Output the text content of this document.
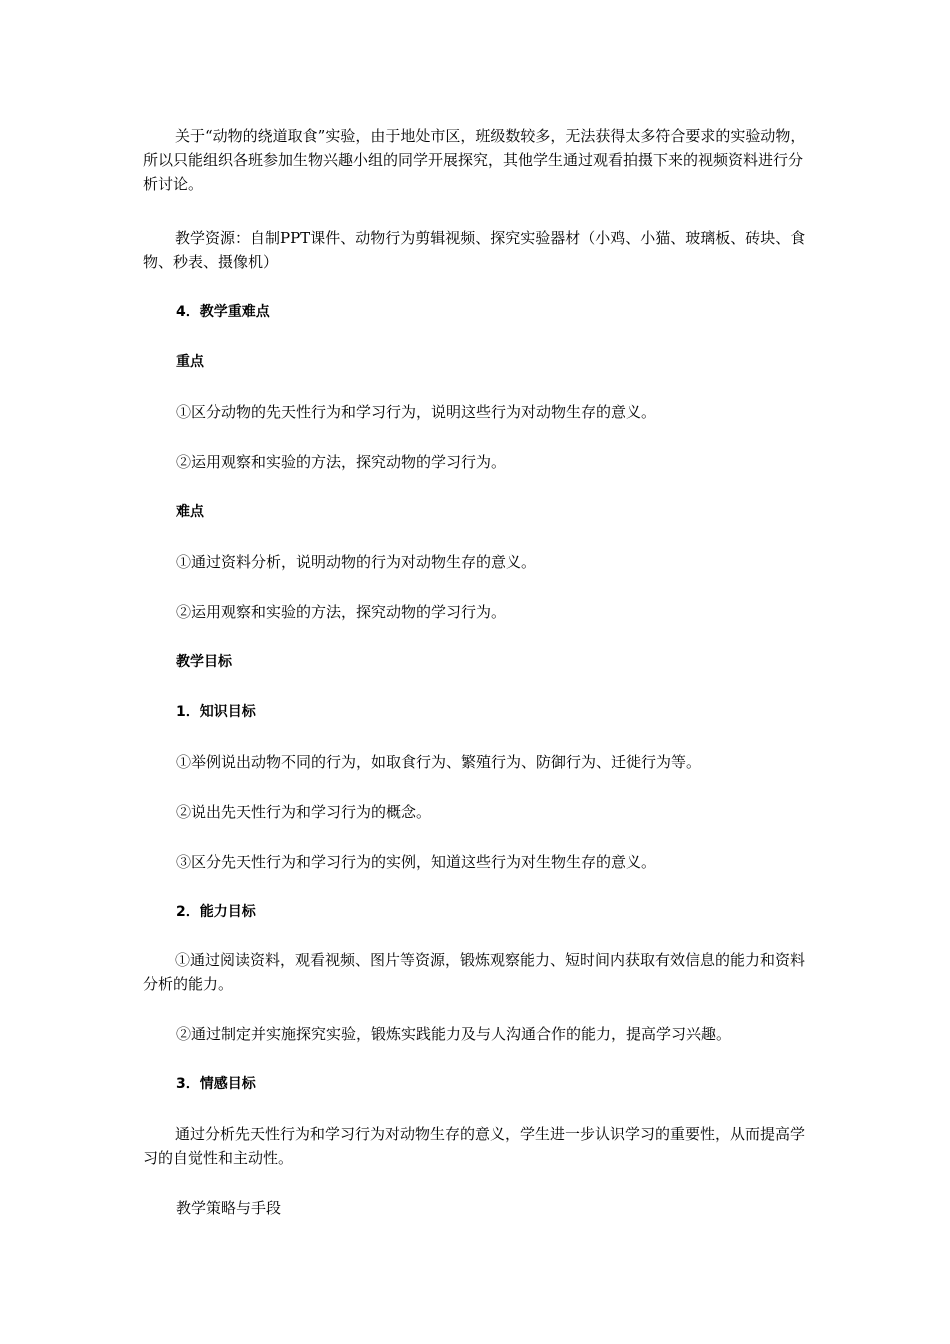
关于“动物的绕道取食”实验，由于地处市区，班级数较多，无法获得太多符合要求的实验动物，所以只能组织各班参加生物兴趣小组的同学开展探究，其他学生通过观看拍摄下来的视频资料进行分析讨论。

教学资源：自制PPT课件、动物行为剪辑视频、探究实验器材（小鸡、小猫、玻璃板、砖块、食物、秒表、摄像机）

4．教学重难点

重点

①区分动物的先天性行为和学习行为，说明这些行为对动物生存的意义。

②运用观察和实验的方法，探究动物的学习行为。

难点

①通过资料分析，说明动物的行为对动物生存的意义。

②运用观察和实验的方法，探究动物的学习行为。

教学目标

1．知识目标

①举例说出动物不同的行为，如取食行为、繁殖行为、防御行为、迁徙行为等。

②说出先天性行为和学习行为的概念。

③区分先天性行为和学习行为的实例，知道这些行为对生物生存的意义。

2．能力目标

①通过阅读资料，观看视频、图片等资源，锻炼观察能力、短时间内获取有效信息的能力和资料分析的能力。

②通过制定并实施探究实验，锻炼实践能力及与人沟通合作的能力，提高学习兴趣。

3．情感目标

通过分析先天性行为和学习行为对动物生存的意义，学生进一步认识学习的重要性，从而提高学习的自觉性和主动性。

教学策略与手段
